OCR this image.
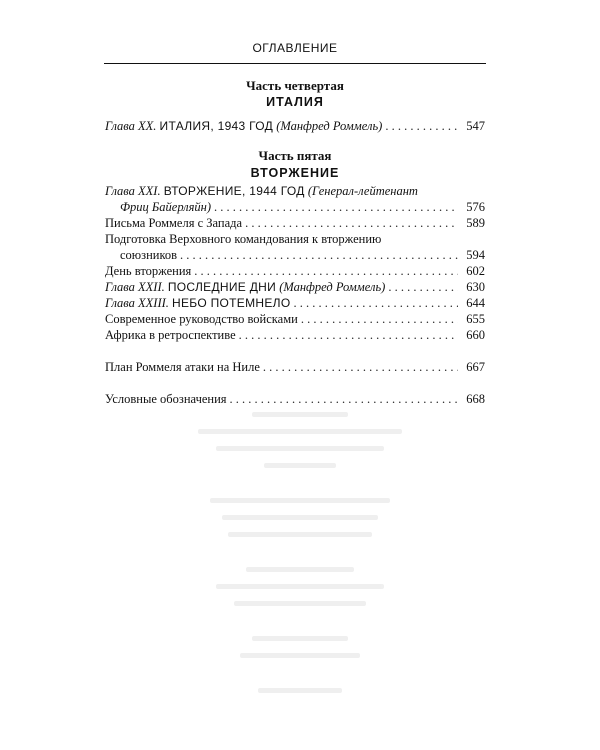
ОГЛАВЛЕНИЕ
Часть четвертая
ИТАЛИЯ
Глава XX. ИТАЛИЯ, 1943 ГОД (Манфред Роммель) . . .	547
Часть пятая
ВТОРЖЕНИЕ
Глава XXI. ВТОРЖЕНИЕ, 1944 ГОД (Генерал-лейтенант
Фриц Байерляйн) . . .	576
Письма Роммеля с Запада . . .	589
Подготовка Верховного командования к вторжению
союзников . . .	594
День вторжения . . .	602
Глава XXII. ПОСЛЕДНИЕ ДНИ (Манфред Роммель) . . .	630
Глава XXIII. НЕБО ПОТЕМНЕЛО . . .	644
Современное руководство войсками . . .	655
Африка в ретроспективе . . .	660
План Роммеля атаки на Ниле . . .	667
Условные обозначения . . .	668
